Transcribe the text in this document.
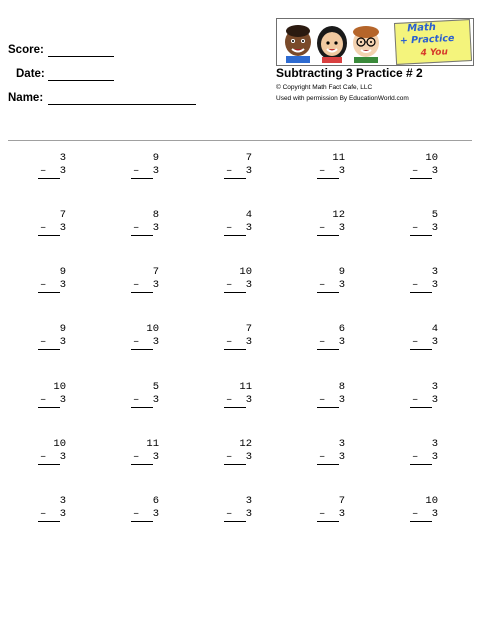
Score:
Date:
Name:
Math
+ Practice
4 You
Subtracting 3 Practice # 2
© Copyright Math Fact Cafe, LLC
Used with permission By EducationWorld.com
3
– 3
9
– 3
7
– 3
11
– 3
10
– 3
7
– 3
8
– 3
4
– 3
12
– 3
5
– 3
9
– 3
7
– 3
10
– 3
9
– 3
3
– 3
9
– 3
10
– 3
7
– 3
6
– 3
4
– 3
10
– 3
5
– 3
11
– 3
8
– 3
3
– 3
10
– 3
11
– 3
12
– 3
3
– 3
3
– 3
3
– 3
6
– 3
3
– 3
7
– 3
10
– 3
